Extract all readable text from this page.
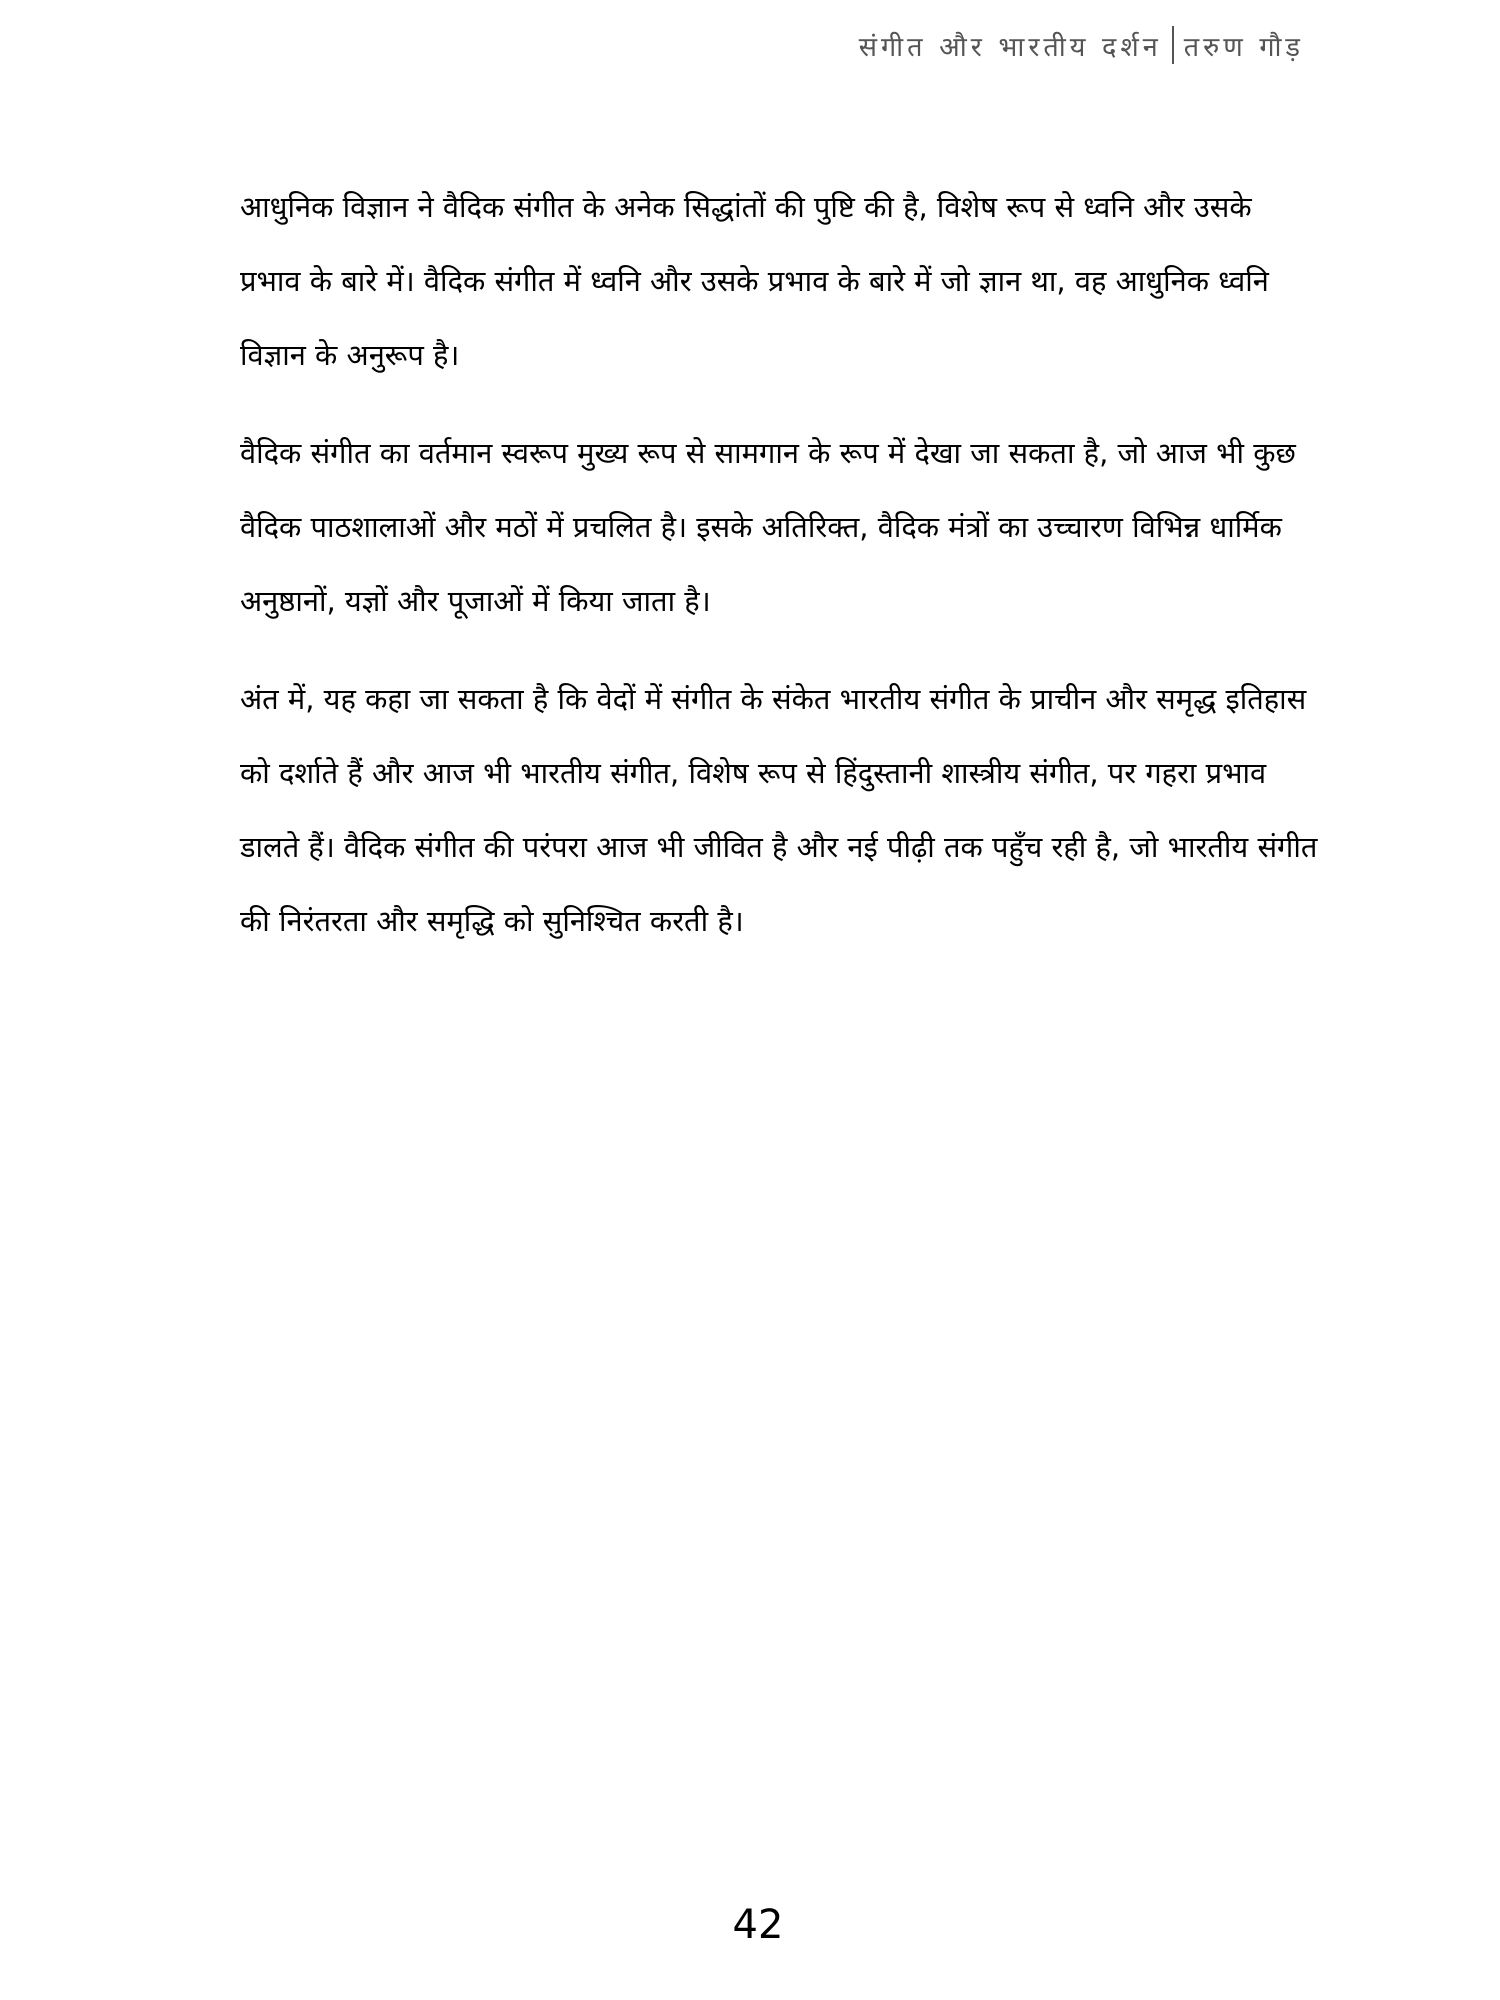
संगीत और भारतीय दर्शन तरुण गौड़

आधुनिक विज्ञान ने वैदिक संगीत के अनेक सिद्धांतों की पुष्टि की है, विशेष रूप से ध्वनि और उसके प्रभाव के बारे में। वैदिक संगीत में ध्वनि और उसके प्रभाव के बारे में जो ज्ञान था, वह आधुनिक ध्वनि विज्ञान के अनुरूप है।

वैदिक संगीत का वर्तमान स्वरूप मुख्य रूप से सामगान के रूप में देखा जा सकता है, जो आज भी कुछ वैदिक पाठशालाओं और मठों में प्रचलित है। इसके अतिरिक्त, वैदिक मंत्रों का उच्चारण विभिन्न धार्मिक अनुष्ठानों, यज्ञों और पूजाओं में किया जाता है।

अंत में, यह कहा जा सकता है कि वेदों में संगीत के संकेत भारतीय संगीत के प्राचीन और समृद्ध इतिहास को दर्शाते हैं और आज भी भारतीय संगीत, विशेष रूप से हिंदुस्तानी शास्त्रीय संगीत, पर गहरा प्रभाव डालते हैं। वैदिक संगीत की परंपरा आज भी जीवित है और नई पीढ़ी तक पहुँच रही है, जो भारतीय संगीत की निरंतरता और समृद्धि को सुनिश्चित करती है।

42
